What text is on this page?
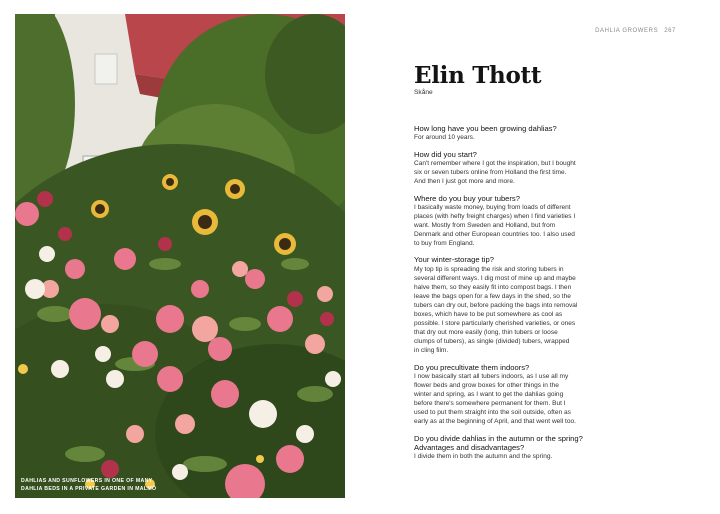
DAHLIAS AND SUNFLOWERS IN ONE OF MANY
DAHLIA BEDS IN A PRIVATE GARDEN IN MALMÖ
DAHLIA GROWERS 267
Elin Thott
Skåne

How long have you been growing dahlias?

For around 10 years.

How did you start?

Can't remember where I got the inspiration, but I bought
six or seven tubers online from Holland the first time.
And then I just got more and more.

Where do you buy your tubers?

I basically waste money, buying from loads of different
places (with hefty freight charges) when I find varieties I
want. Mostly from Sweden and Holland, but from
Denmark and other European countries too. I also used
to buy from England.

Your winter-storage tip?

My top tip is spreading the risk and storing tubers in
several different ways. I dig most of mine up and maybe
halve them, so they easily fit into compost bags. I then
leave the bags open for a few days in the shed, so the
tubers can dry out, before packing the bags into removal
boxes, which have to be put somewhere as cool as
possible. I store particularly cherished varieties, or ones
that dry out more easily (long, thin tubers or loose
clumps of tubers), as single (divided) tubers, wrapped
in cling film.

Do you precultivate them indoors?

I now basically start all tubers indoors, as I use all my
flower beds and grow boxes for other things in the
winter and spring, as I want to get the dahlias going
before there's somewhere permanent for them. But I
used to put them straight into the soil outside, often as
early as at the beginning of April, and that went well too.

Do you divide dahlias in the autumn or the spring?
Advantages and disadvantages?

I divide them in both the autumn and the spring.
